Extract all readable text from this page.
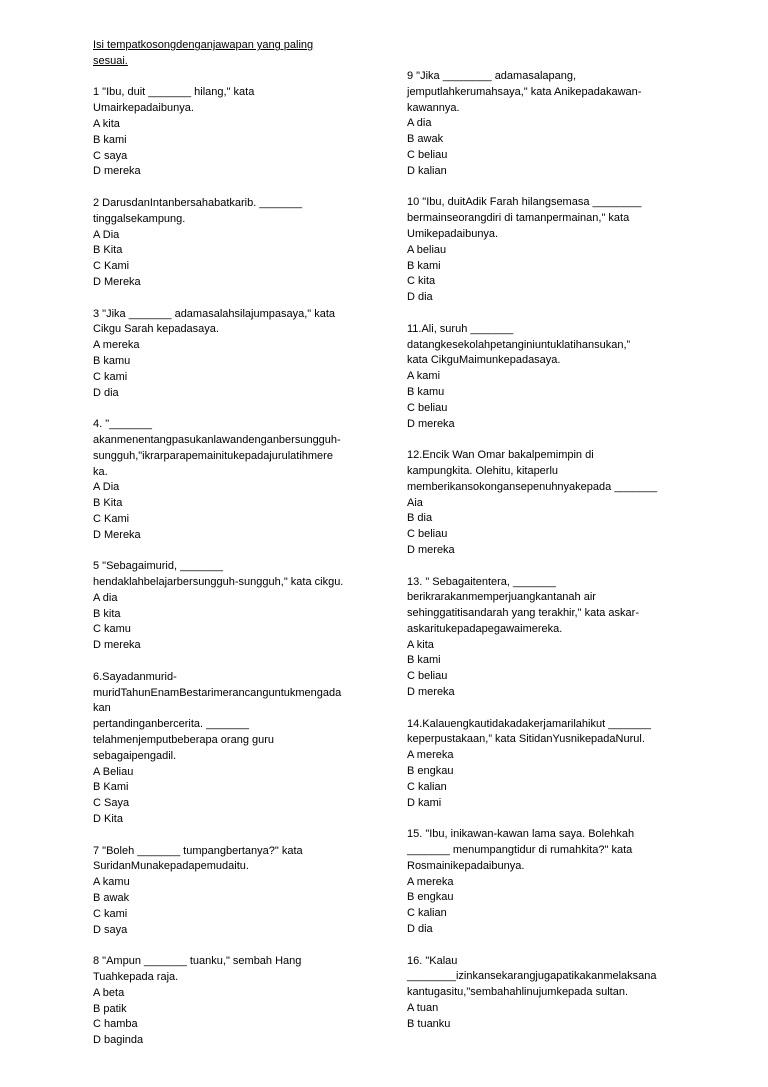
Isi tempatkosongdenganjawapan yang paling
sesuai.
1 "Ibu, duit _______ hilang," kata
Umairkepadaibunya.
A kita
B kami
C saya
D mereka
2 DarusdanIntanbersahabatkarib. _______
tinggalsekampung.
A Dia
B Kita
C Kami
D Mereka
3 "Jika _______ adamasalahsilajumpasaya," kata
Cikgu Sarah kepadasaya.
A mereka
B kamu
C kami
D dia
4. "_______
akanmenentangpasukanlawandenganbersungguh-
sungguh,"ikrarparapemainitukepadajurulatihmere
ka.
A Dia
B Kita
C Kami
D Mereka
5 "Sebagaimurid, _______
hendaklahbelajarbersungguh-sungguh," kata cikgu.
A dia
B kita
C kamu
D mereka
6.Sayadanmurid-
muridTahunEnamBestarimerancanguntukmengada
kan
pertandinganbercerita. _______
telahmenjemputbeberapa orang guru
sebagaipengadil.
A Beliau
B Kami
C Saya
D Kita
7 "Boleh _______ tumpangbertanya?" kata
SuridanMunakepadapemudaitu.
A kamu
B awak
C kami
D saya
8 "Ampun _______ tuanku," sembah Hang
Tuahkepada raja.
A beta
B patik
C hamba
D baginda
9 "Jika ________ adamasalapang,
jemputlahkerumahsaya," kata Anikepadakawan-
kawannya.
A dia
B awak
C beliau
D kalian
10 "Ibu, duitAdik Farah hilangsemasa ________
bermainseorangdiri di tamanpermainan," kata
Umikepadaibunya.
A beliau
B kami
C kita
D dia
11.Ali, suruh _______
datangkesekolahpetanginiuntuklatihansukan,”
kata CikguMaimunkepadasaya.
A kami
B kamu
C beliau
D mereka
12.Encik Wan Omar bakalpemimpin di
kampungkita. Olehitu, kitaperlu
memberikansokongansepenuhnyakepada _______
Aia
B dia
C beliau
D mereka
13. " Sebagaitentera, _______
berikrarakanmemperjuangkantanah air
sehinggatitisandarah yang terakhir," kata askar-
askaritukepadapegawaimereka.
A kita
B kami
C beliau
D mereka
14.Kalauengkautidakadakerjamarilahikut _______
keperpustakaan,” kata SitidanYusnikepadaNurul.
A mereka
B engkau
C kalian
D kami
15. "Ibu, inikawan-kawan lama saya. Bolehkah
_______ menumpangtidur di rumahkita?" kata
Rosmainikepadaibunya.
A mereka
B engkau
C kalian
D dia
16. "Kalau
________izinkansekarangjugapatikakanmelaksana
kantugasitu,"sembahahlinujumkepada sultan.
A tuan
B tuanku
